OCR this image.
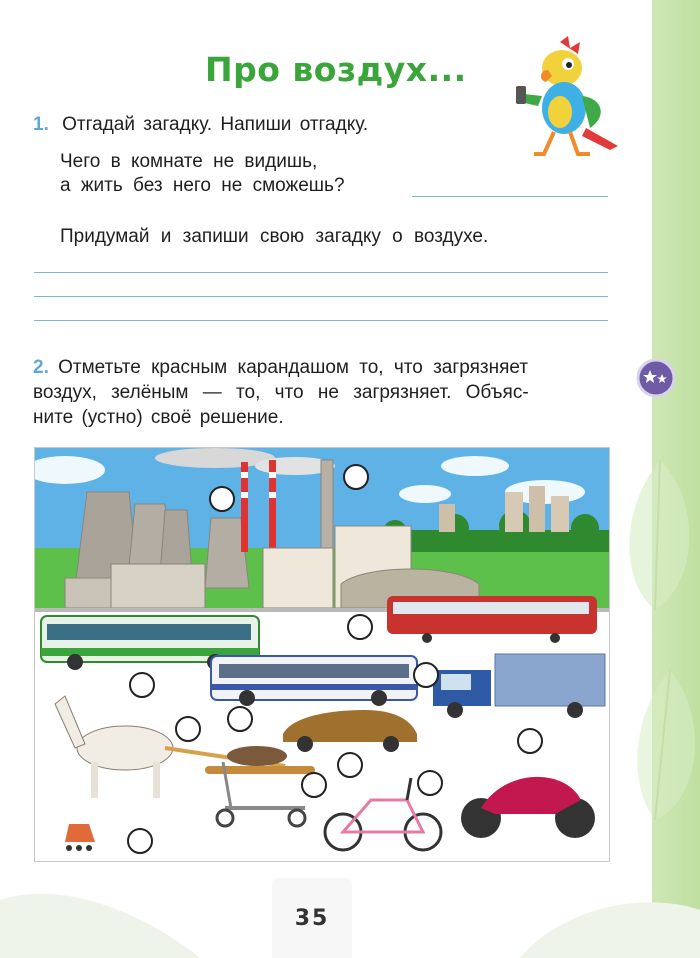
Про воздух...
1. Отгадай загадку. Напиши отгадку.
Чего в комнате не видишь,
а жить без него не сможешь?
Придумай и запиши свою загадку о воздухе.
2. Отметьте красным карандашом то, что загрязняет
воздух, зелёным — то, что не загрязняет. Объяс-
ните (устно) своё решение.
35
